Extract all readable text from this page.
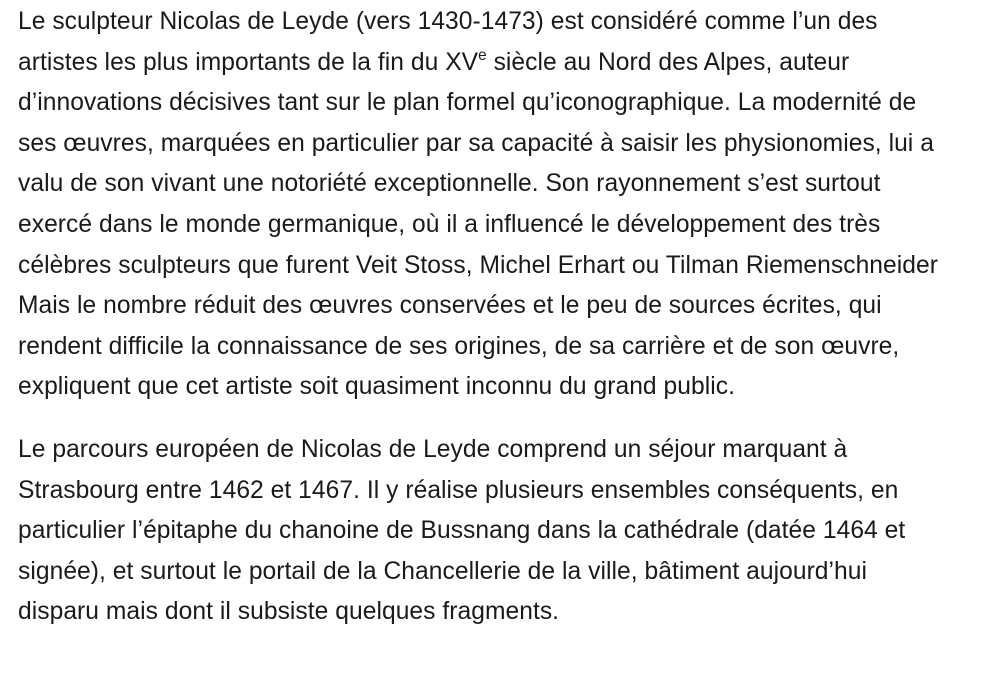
Le sculpteur Nicolas de Leyde (vers 1430-1473) est considéré comme l’un des
artistes les plus importants de la fin du XVe siècle au Nord des Alpes, auteur
d’innovations décisives tant sur le plan formel qu’iconographique. La modernité de
ses œuvres, marquées en particulier par sa capacité à saisir les physionomies, lui a
valu de son vivant une notoriété exceptionnelle. Son rayonnement s’est surtout
exercé dans le monde germanique, où il a influencé le développement des très
célèbres sculpteurs que furent Veit Stoss, Michel Erhart ou Tilman Riemenschneider
Mais le nombre réduit des œuvres conservées et le peu de sources écrites, qui
rendent difficile la connaissance de ses origines, de sa carrière et de son œuvre,
expliquent que cet artiste soit quasiment inconnu du grand public.
Le parcours européen de Nicolas de Leyde comprend un séjour marquant à
Strasbourg entre 1462 et 1467. Il y réalise plusieurs ensembles conséquents, en
particulier l’épitaphe du chanoine de Bussnang dans la cathédrale (datée 1464 et
signée), et surtout le portail de la Chancellerie de la ville, bâtiment aujourd’hui
disparu mais dont il subsiste quelques fragments.
